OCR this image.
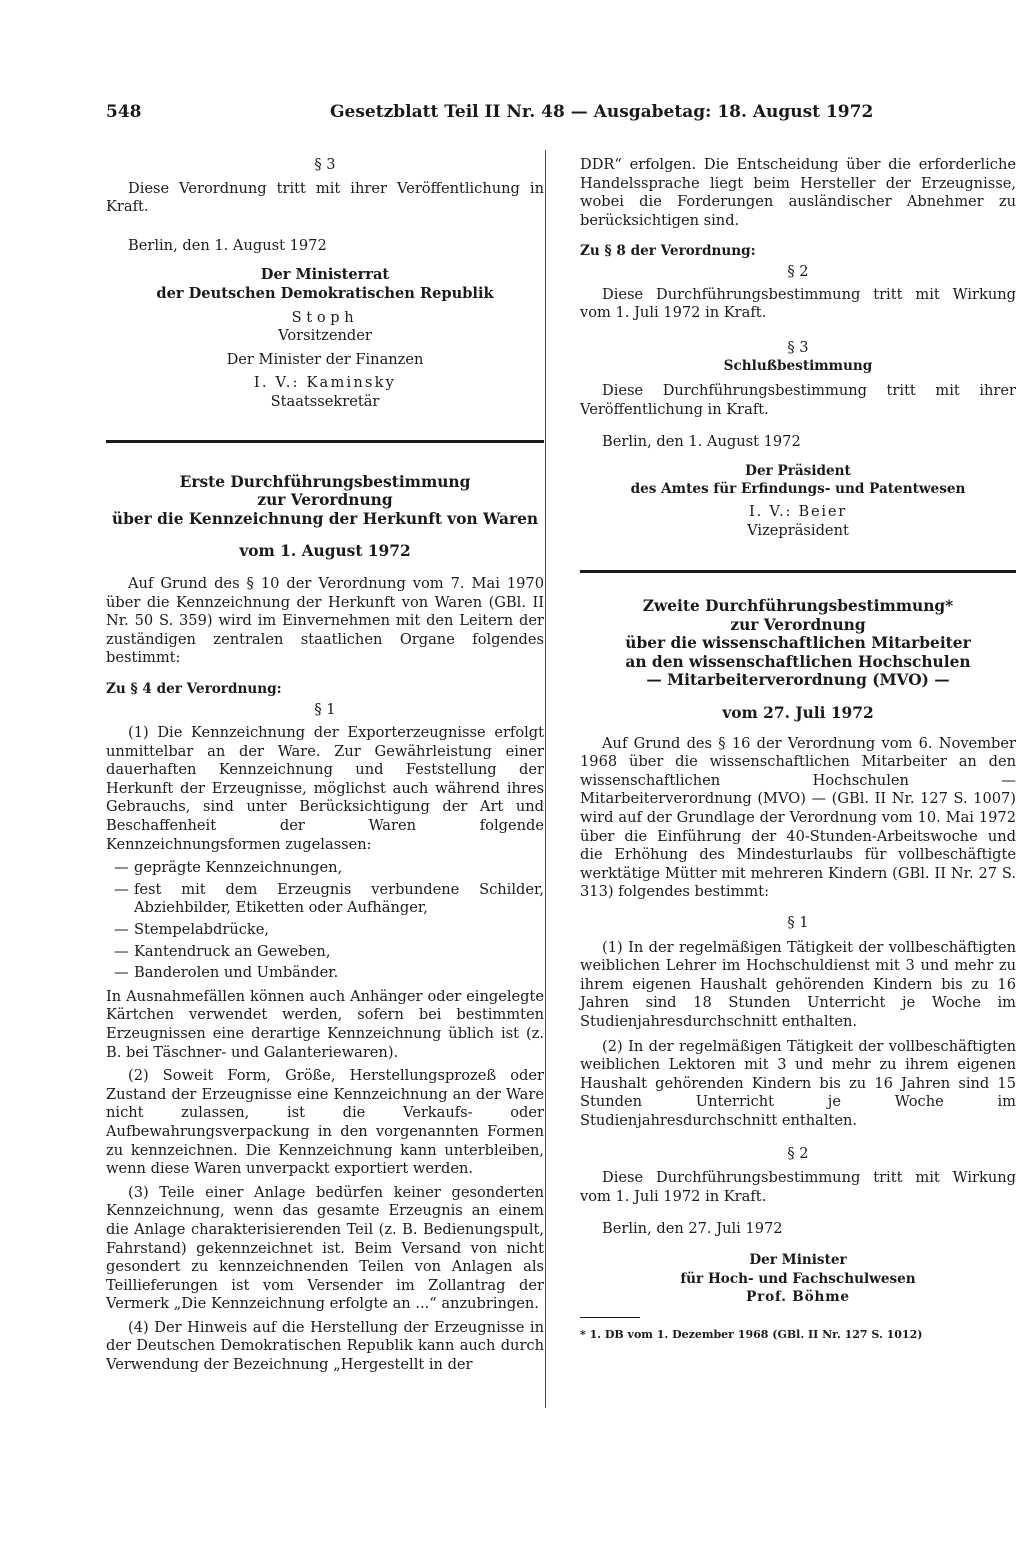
548	Gesetzblatt Teil II Nr. 48 — Ausgabetag: 18. August 1972

§ 3

Diese Verordnung tritt mit ihrer Veröffentlichung in Kraft.

Berlin, den 1. August 1972

Der Ministerrat

der Deutschen Demokratischen Republik

Stoph

Vorsitzender

Der Minister der Finanzen

I. V.: Kaminsky

Staatssekretär

Erste Durchführungsbestimmung

zur Verordnung

über die Kennzeichnung der Herkunft von Waren

vom 1. August 1972

Auf Grund des § 10 der Verordnung vom 7. Mai 1970 über die Kennzeichnung der Herkunft von Waren (GBl. II Nr. 50 S. 359) wird im Einvernehmen mit den Leitern der zuständigen zentralen staatlichen Organe folgendes bestimmt:

Zu § 4 der Verordnung:

§ 1

(1) Die Kennzeichnung der Exporterzeugnisse erfolgt unmittelbar an der Ware. Zur Gewährleistung einer dauerhaften Kennzeichnung und Feststellung der Herkunft der Erzeugnisse, möglichst auch während ihres Gebrauchs, sind unter Berücksichtigung der Art und Beschaffenheit der Waren folgende Kennzeichnungsformen zugelassen:

— geprägte Kennzeichnungen,
— fest mit dem Erzeugnis verbundene Schilder, Abziehbilder, Etiketten oder Aufhänger,
— Stempelabdrücke,
— Kantendruck an Geweben,
— Banderolen und Umbänder.

In Ausnahmefällen können auch Anhänger oder eingelegte Kärtchen verwendet werden, sofern bei bestimmten Erzeugnissen eine derartige Kennzeichnung üblich ist (z. B. bei Täschner- und Galanteriewaren).

(2) Soweit Form, Größe, Herstellungsprozeß oder Zustand der Erzeugnisse eine Kennzeichnung an der Ware nicht zulassen, ist die Verkaufs- oder Aufbewahrungsverpackung in den vorgenannten Formen zu kennzeichnen. Die Kennzeichnung kann unterbleiben, wenn diese Waren unverpackt exportiert werden.

(3) Teile einer Anlage bedürfen keiner gesonderten Kennzeichnung, wenn das gesamte Erzeugnis an einem die Anlage charakterisierenden Teil (z. B. Bedienungspult, Fahrstand) gekennzeichnet ist. Beim Versand von nicht gesondert zu kennzeichnenden Teilen von Anlagen als Teillieferungen ist vom Versender im Zollantrag der Vermerk „Die Kennzeichnung erfolgte an ...“ anzubringen.

(4) Der Hinweis auf die Herstellung der Erzeugnisse in der Deutschen Demokratischen Republik kann auch durch Verwendung der Bezeichnung „Hergestellt in der

DDR“ erfolgen. Die Entscheidung über die erforderliche Handelssprache liegt beim Hersteller der Erzeugnisse, wobei die Forderungen ausländischer Abnehmer zu berücksichtigen sind.

Zu § 8 der Verordnung:

§ 2

Diese Durchführungsbestimmung tritt mit Wirkung vom 1. Juli 1972 in Kraft.

§ 3

Schlußbestimmung

Diese Durchführungsbestimmung tritt mit ihrer Veröffentlichung in Kraft.

Berlin, den 1. August 1972

Der Präsident

des Amtes für Erfindungs- und Patentwesen

I. V.: Beier

Vizepräsident

Zweite Durchführungsbestimmung*

zur Verordnung

über die wissenschaftlichen Mitarbeiter

an den wissenschaftlichen Hochschulen

— Mitarbeiterverordnung (MVO) —

vom 27. Juli 1972

Auf Grund des § 16 der Verordnung vom 6. November 1968 über die wissenschaftlichen Mitarbeiter an den wissenschaftlichen Hochschulen — Mitarbeiterverordnung (MVO) — (GBl. II Nr. 127 S. 1007) wird auf der Grundlage der Verordnung vom 10. Mai 1972 über die Einführung der 40-Stunden-Arbeitswoche und die Erhöhung des Mindesturlaubs für vollbeschäftigte werktätige Mütter mit mehreren Kindern (GBl. II Nr. 27 S. 313) folgendes bestimmt:

§ 1

(1) In der regelmäßigen Tätigkeit der vollbeschäftigten weiblichen Lehrer im Hochschuldienst mit 3 und mehr zu ihrem eigenen Haushalt gehörenden Kindern bis zu 16 Jahren sind 18 Stunden Unterricht je Woche im Studienjahresdurchschnitt enthalten.

(2) In der regelmäßigen Tätigkeit der vollbeschäftigten weiblichen Lektoren mit 3 und mehr zu ihrem eigenen Haushalt gehörenden Kindern bis zu 16 Jahren sind 15 Stunden Unterricht je Woche im Studienjahresdurchschnitt enthalten.

§ 2

Diese Durchführungsbestimmung tritt mit Wirkung vom 1. Juli 1972 in Kraft.

Berlin, den 27. Juli 1972

Der Minister

für Hoch- und Fachschulwesen

Prof. Böhme

* 1. DB vom 1. Dezember 1968 (GBl. II Nr. 127 S. 1012)
